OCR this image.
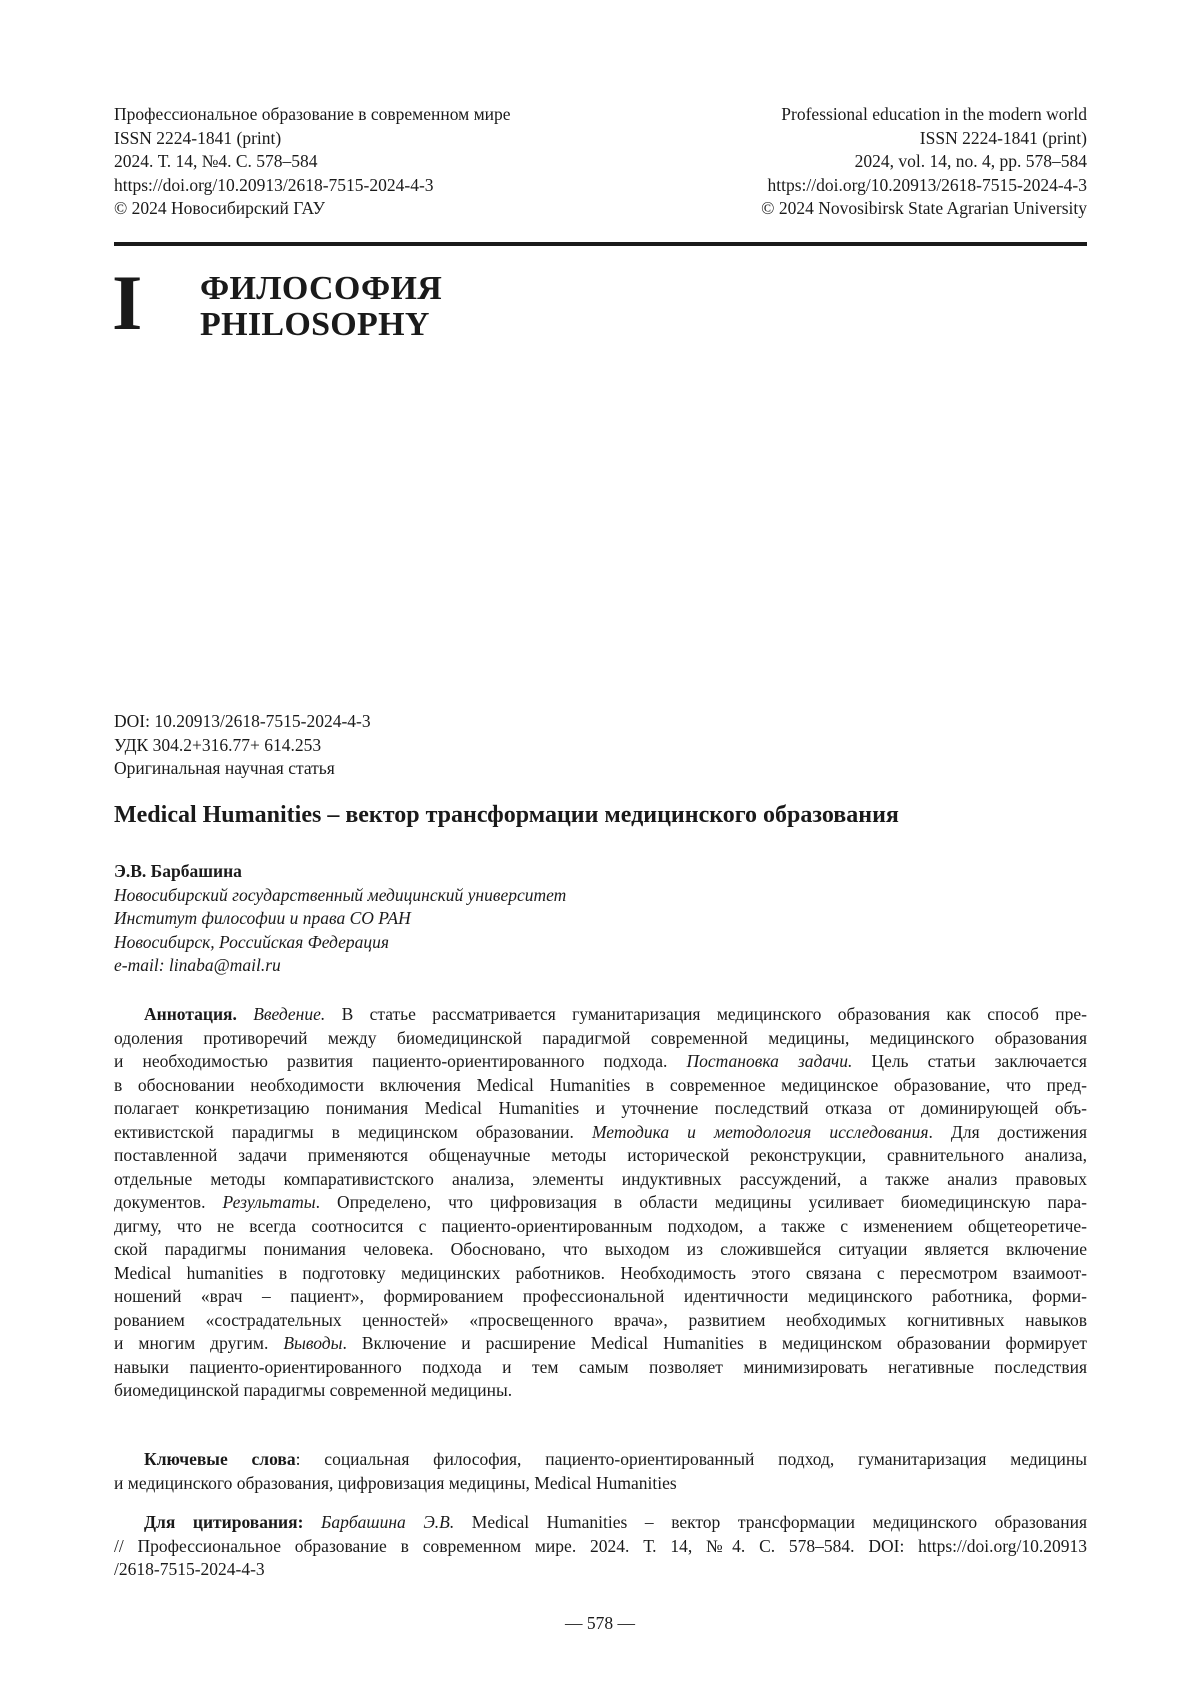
Профессиональное образование в современном мире
ISSN 2224-1841 (print)
2024. Т. 14, №4. С. 578–584
https://doi.org/10.20913/2618-7515-2024-4-3
© 2024 Новосибирский ГАУ
Professional education in the modern world
ISSN 2224-1841 (print)
2024, vol. 14, no. 4, pp. 578–584
https://doi.org/10.20913/2618-7515-2024-4-3
© 2024 Novosibirsk State Agrarian University
I ФИЛОСОФИЯ
PHILOSOPHY
DOI: 10.20913/2618-7515-2024-4-3
УДК 304.2+316.77+ 614.253
Оригинальная научная статья
Medical Humanities – вектор трансформации медицинского образования
Э.В. Барбашина
Новосибирский государственный медицинский университет
Институт философии и права СО РАН
Новосибирск, Российская Федерация
e-mail: linaba@mail.ru
Аннотация. Введение. В статье рассматривается гуманитаризация медицинского образования как способ пре-
одоления противоречий между биомедицинской парадигмой современной медицины, медицинского образования
и необходимостью развития пациенто-ориентированного подхода. Постановка задачи. Цель статьи заключается
в обосновании необходимости включения Medical Humanities в современное медицинское образование, что пред-
полагает конкретизацию понимания Medical Humanities и уточнение последствий отказа от доминирующей объ-
ективистской парадигмы в медицинском образовании. Методика и методология исследования. Для достижения
поставленной задачи применяются общенаучные методы исторической реконструкции, сравнительного анализа,
отдельные методы компаративистского анализа, элементы индуктивных рассуждений, а также анализ правовых
документов. Результаты. Определено, что цифровизация в области медицины усиливает биомедицинскую пара-
дигму, что не всегда соотносится с пациенто-ориентированным подходом, а также с изменением общетеоретиче-
ской парадигмы понимания человека. Обосновано, что выходом из сложившейся ситуации является включение
Medical humanities в подготовку медицинских работников. Необходимость этого связана с пересмотром взаимоот-
ношений «врач – пациент», формированием профессиональной идентичности медицинского работника, форми-
рованием «сострадательных ценностей» «просвещенного врача», развитием необходимых когнитивных навыков
и многим другим. Выводы. Включение и расширение Medical Humanities в медицинском образовании формирует
навыки пациенто-ориентированного подхода и тем самым позволяет минимизировать негативные последствия
биомедицинской парадигмы современной медицины.
Ключевые слова: социальная философия, пациенто-ориентированный подход, гуманитаризация медицины
и медицинского образования, цифровизация медицины, Medical Humanities
Для цитирования: Барбашина Э.В. Medical Humanities – вектор трансформации медицинского образования
// Профессиональное образование в современном мире. 2024. Т. 14, №4. С. 578–584. DOI: https://doi.org/10.20913
/2618-7515-2024-4-3
— 578 —
